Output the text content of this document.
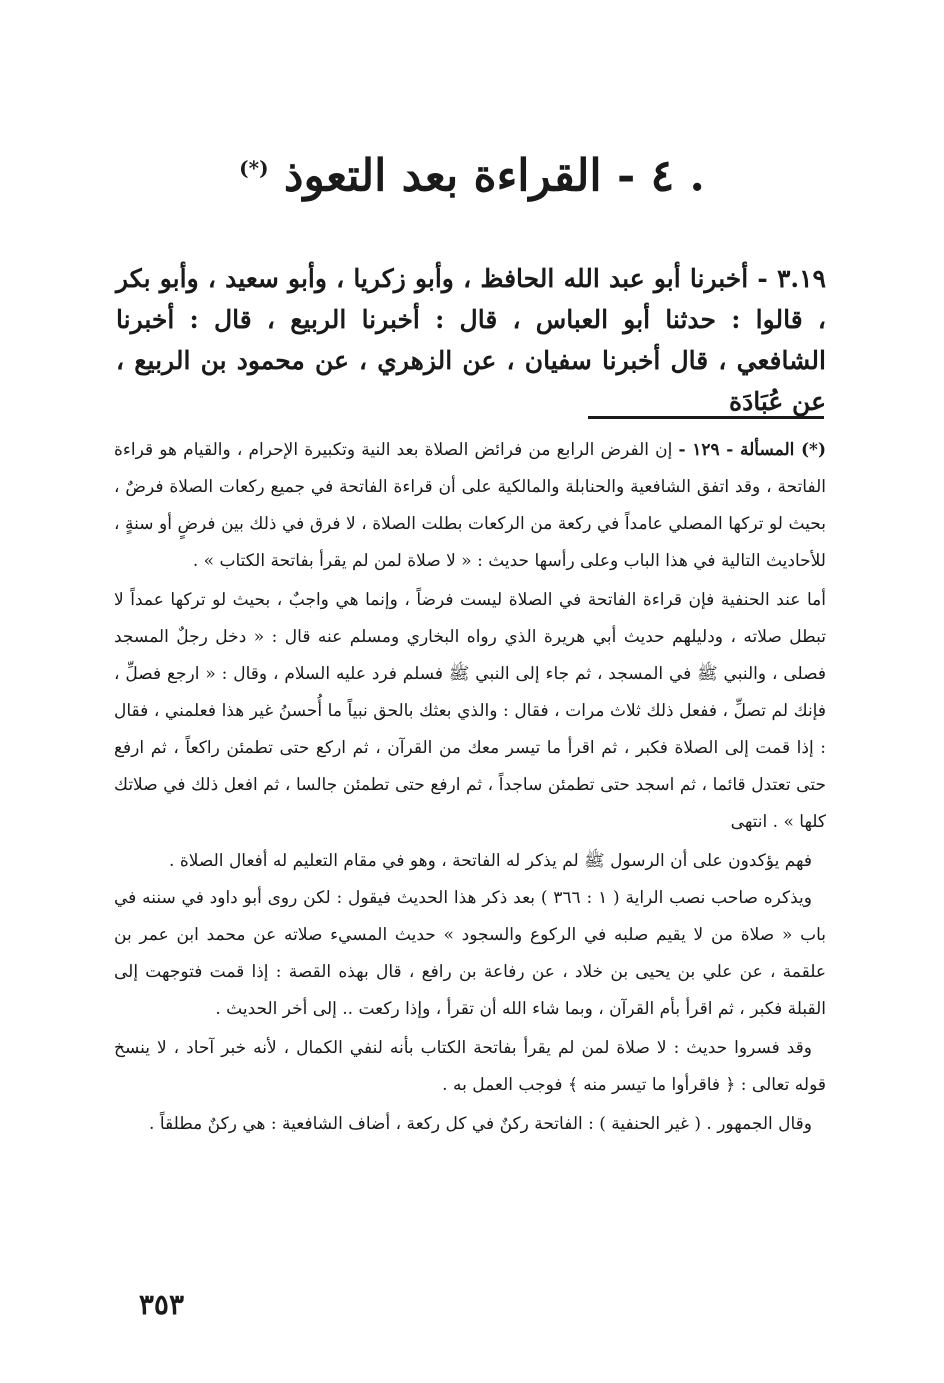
. ٤ - القراءة بعد التعوذ (*)

٣.١٩ - أخبرنا أبو عبد الله الحافظ ، وأبو زكريا ، وأبو سعيد ، وأبو بكر ، قالوا : حدثنا أبو العباس ، قال : أخبرنا الربيع ، قال : أخبرنا الشافعي ، قال أخبرنا سفيان ، عن الزهري ، عن محمود بن الربيع ، عن عُبَادَة

(*) المسألة - ١٢٩ - إن الفرض الرابع من فرائض الصلاة بعد النية وتكبيرة الإحرام ، والقيام هو قراءة الفاتحة ، وقد اتفق الشافعية والحنابلة والمالكية على أن قراءة الفاتحة في جميع ركعات الصلاة فرضٌ ، بحيث لو تركها المصلي عامداً في ركعة من الركعات بطلت الصلاة ، لا فرق في ذلك بين فرضٍ أو سنةٍ ، للأحاديث التالية في هذا الباب وعلى رأسها حديث : « لا صلاة لمن لم يقرأ بفاتحة الكتاب » .

أما عند الحنفية فإن قراءة الفاتحة في الصلاة ليست فرضاً ، وإنما هي واجبٌ ، بحيث لو تركها عمداً لا تبطل صلاته ، ودليلهم حديث أبي هريرة الذي رواه البخاري ومسلم عنه قال : « دخل رجلٌ المسجد فصلى ، والنبي ﷺ في المسجد ، ثم جاء إلى النبي ﷺ فسلم فرد عليه السلام ، وقال : « ارجع فصلِّ ، فإنك لم تصلِّ ، ففعل ذلك ثلاث مرات ، فقال : والذي بعثك بالحق نبياً ما أُحسنُ غير هذا فعلمني ، فقال : إذا قمت إلى الصلاة فكبر ، ثم اقرأ ما تيسر معك من القرآن ، ثم اركع حتى تطمئن راكعاً ، ثم ارفع حتى تعتدل قائما ، ثم اسجد حتى تطمئن ساجداً ، ثم ارفع حتى تطمئن جالسا ، ثم افعل ذلك في صلاتك كلها » . انتهى

فهم يؤكدون على أن الرسول ﷺ لم يذكر له الفاتحة ، وهو في مقام التعليم له أفعال الصلاة .

ويذكره صاحب نصب الراية ( ١ : ٣٦٦ ) بعد ذكر هذا الحديث فيقول : لكن روى أبو داود في سننه في باب « صلاة من لا يقيم صلبه في الركوع والسجود » حديث المسيء صلاته عن محمد ابن عمر بن علقمة ، عن علي بن يحيى بن خلاد ، عن رفاعة بن رافع ، قال بهذه القصة : إذا قمت فتوجهت إلى القبلة فكبر ، ثم اقرأ بأم القرآن ، وبما شاء الله أن تقرأ ، وإذا ركعت .. إلى أخر الحديث .

وقد فسروا حديث : لا صلاة لمن لم يقرأ بفاتحة الكتاب بأنه لنفي الكمال ، لأنه خبر آحاد ، لا ينسخ قوله تعالى : ﴿ فاقرأوا ما تيسر منه ﴾ فوجب العمل به .

وقال الجمهور . ( غير الحنفية ) : الفاتحة ركنٌ في كل ركعة ، أضاف الشافعية : هي ركنٌ مطلقاً .

٣٥٣
